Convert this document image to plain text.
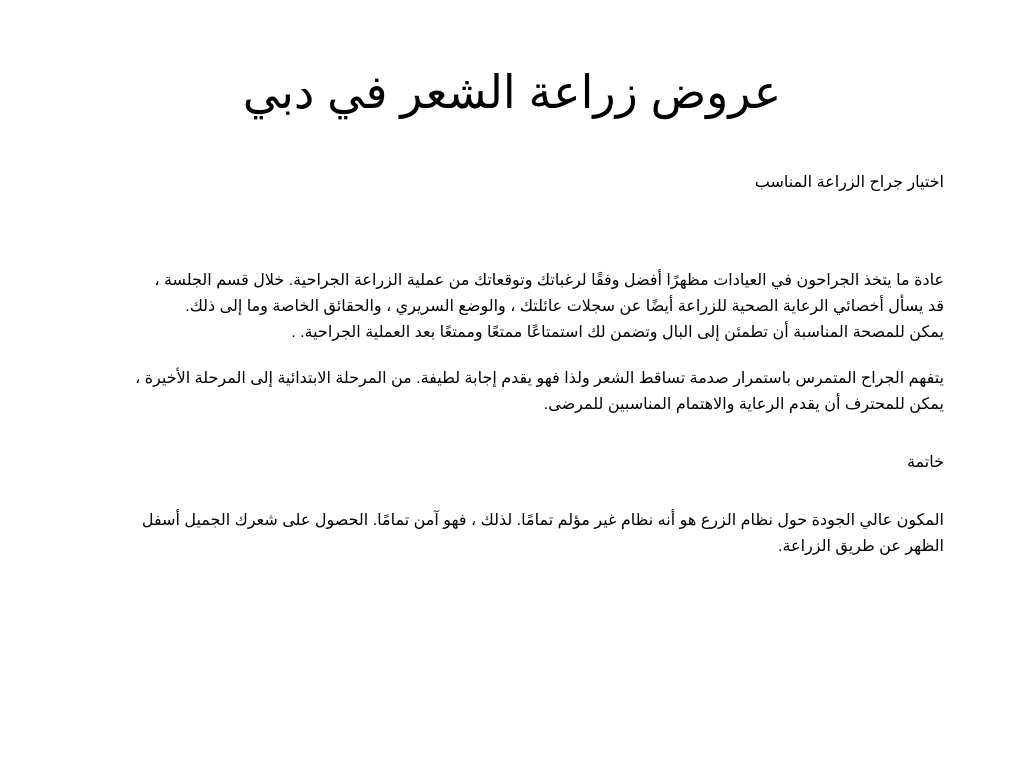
عروض زراعة الشعر في دبي

اختيار جراح الزراعة المناسب

عادة ما يتخذ الجراحون في العيادات مظهرًا أفضل وفقًا لرغباتك وتوقعاتك من عملية الزراعة الجراحية. خلال قسم الجلسة ،
قد يسأل أخصائي الرعاية الصحية للزراعة أيضًا عن سجلات عائلتك ، والوضع السريري ، والحقائق الخاصة وما إلى ذلك.
يمكن للمصحة المناسبة أن تطمئن إلى البال وتضمن لك استمتاعًا ممتعًا وممتعًا بعد العملية الجراحية. .

يتفهم الجراح المتمرس باستمرار صدمة تساقط الشعر ولذا فهو يقدم إجابة لطيفة. من المرحلة الابتدائية إلى المرحلة الأخيرة ،
يمكن للمحترف أن يقدم الرعاية والاهتمام المناسبين للمرضى.

خاتمة

المكون عالي الجودة حول نظام الزرع هو أنه نظام غير مؤلم تمامًا. لذلك ، فهو آمن تمامًا. الحصول على شعرك الجميل أسفل
الظهر عن طريق الزراعة.
